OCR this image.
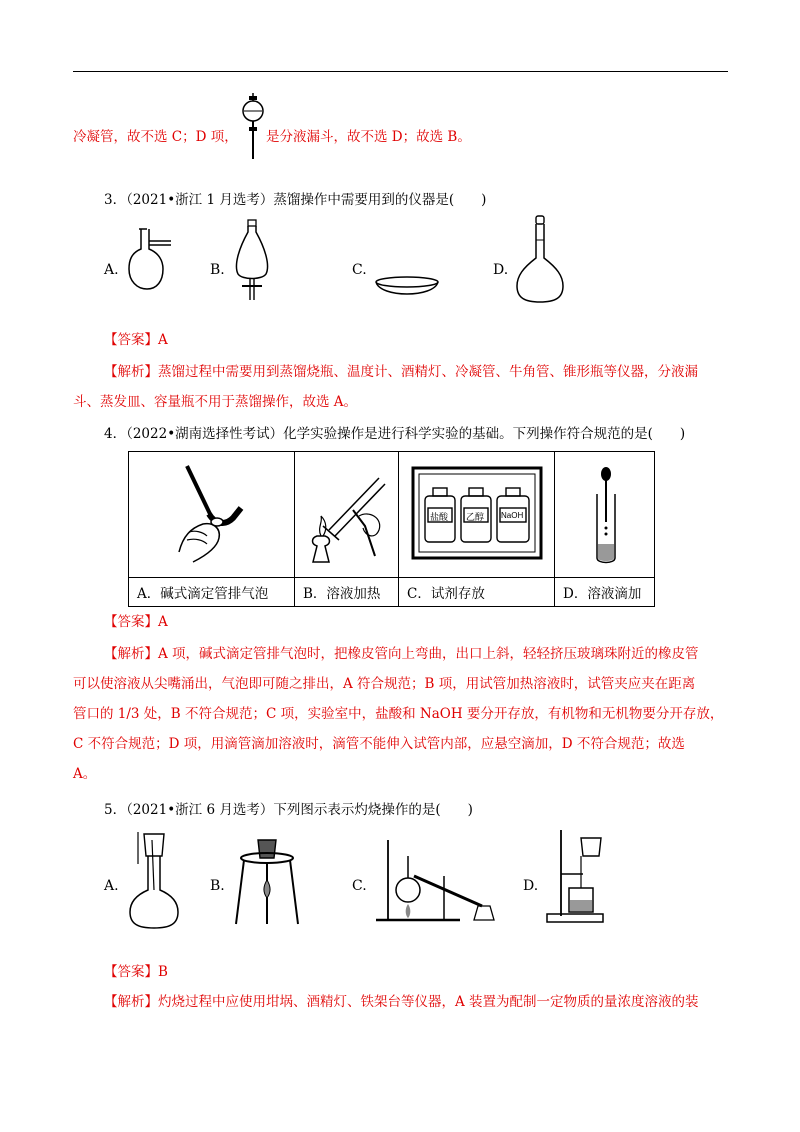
冷凝管，故不选 C；D 项， 是分液漏斗，故不选 D；故选 B。
3．（2021•浙江 1 月选考）蒸馏操作中需要用到的仪器是(　　)
A.	B.	C.	D.
【答案】A
【解析】蒸馏过程中需要用到蒸馏烧瓶、温度计、酒精灯、冷凝管、牛角管、锥形瓶等仪器，分液漏
斗、蒸发皿、容量瓶不用于蒸馏操作，故选 A。
4．（2022•湖南选择性考试）化学实验操作是进行科学实验的基础。下列操作符合规范的是(　　)

盐酸 乙醇 NaOH

A．碱式滴定管排气泡	B．溶液加热	C．试剂存放	D．溶液滴加
【答案】A
【解析】A 项，碱式滴定管排气泡时，把橡皮管向上弯曲，出口上斜，轻轻挤压玻璃珠附近的橡皮管
可以使溶液从尖嘴涌出，气泡即可随之排出，A 符合规范；B 项，用试管加热溶液时，试管夹应夹在距离
管口的 1/3 处，B 不符合规范；C 项，实验室中，盐酸和 NaOH 要分开存放，有机物和无机物要分开存放，
C 不符合规范；D 项，用滴管滴加溶液时，滴管不能伸入试管内部，应悬空滴加，D 不符合规范；故选
A。
5．（2021•浙江 6 月选考）下列图示表示灼烧操作的是(　　)
A.	B.	C.	D.
【答案】B
【解析】灼烧过程中应使用坩埚、酒精灯、铁架台等仪器，A 装置为配制一定物质的量浓度溶液的装
